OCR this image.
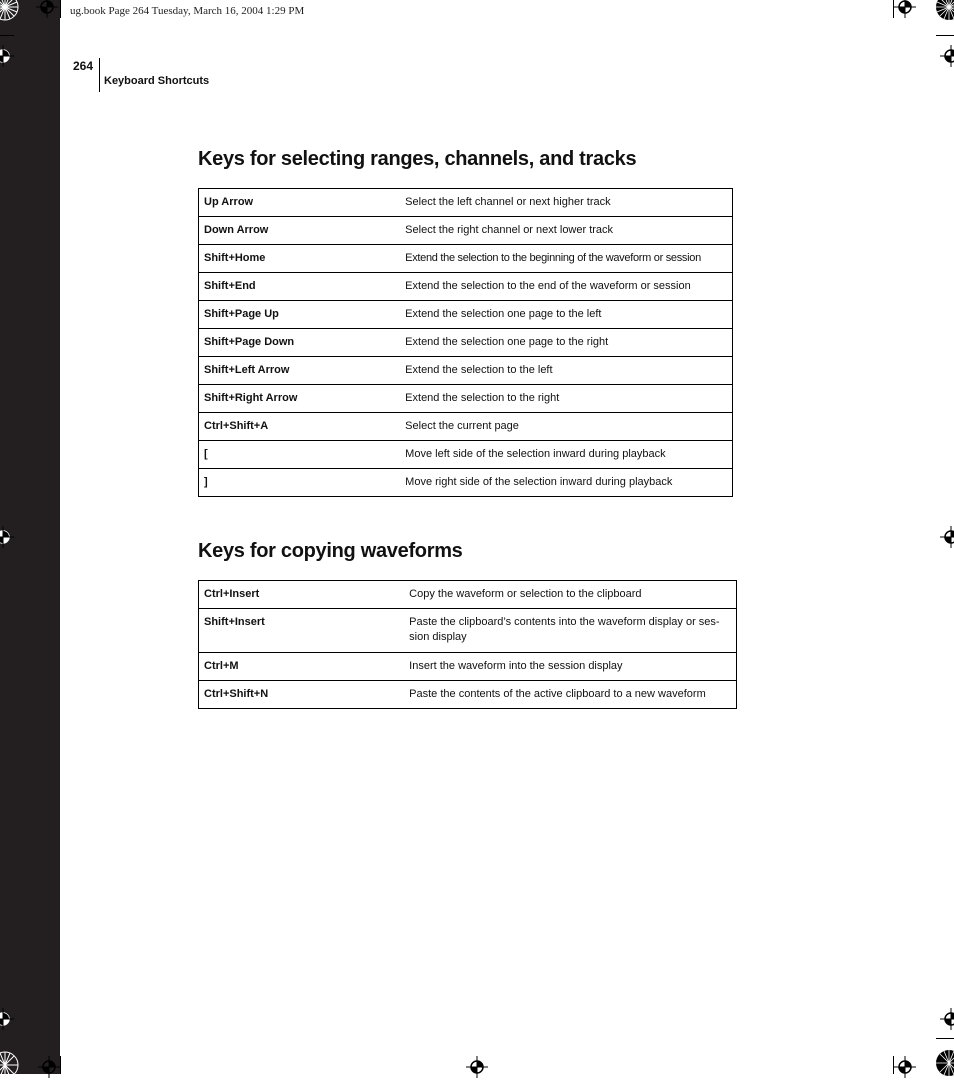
ug.book Page 264 Tuesday, March 16, 2004 1:29 PM
264
Keyboard Shortcuts
Keys for selecting ranges, channels, and tracks
Up Arrow	Select the left channel or next higher track
Down Arrow	Select the right channel or next lower track
Shift+Home	Extend the selection to the beginning of the waveform or session
Shift+End	Extend the selection to the end of the waveform or session
Shift+Page Up	Extend the selection one page to the left
Shift+Page Down	Extend the selection one page to the right
Shift+Left Arrow	Extend the selection to the left
Shift+Right Arrow	Extend the selection to the right
Ctrl+Shift+A	Select the current page
[	Move left side of the selection inward during playback
]	Move right side of the selection inward during playback
Keys for copying waveforms
Ctrl+Insert	Copy the waveform or selection to the clipboard
Shift+Insert	Paste the clipboard’s contents into the waveform display or ses-sion display
Ctrl+M	Insert the waveform into the session display
Ctrl+Shift+N	Paste the contents of the active clipboard to a new waveform
